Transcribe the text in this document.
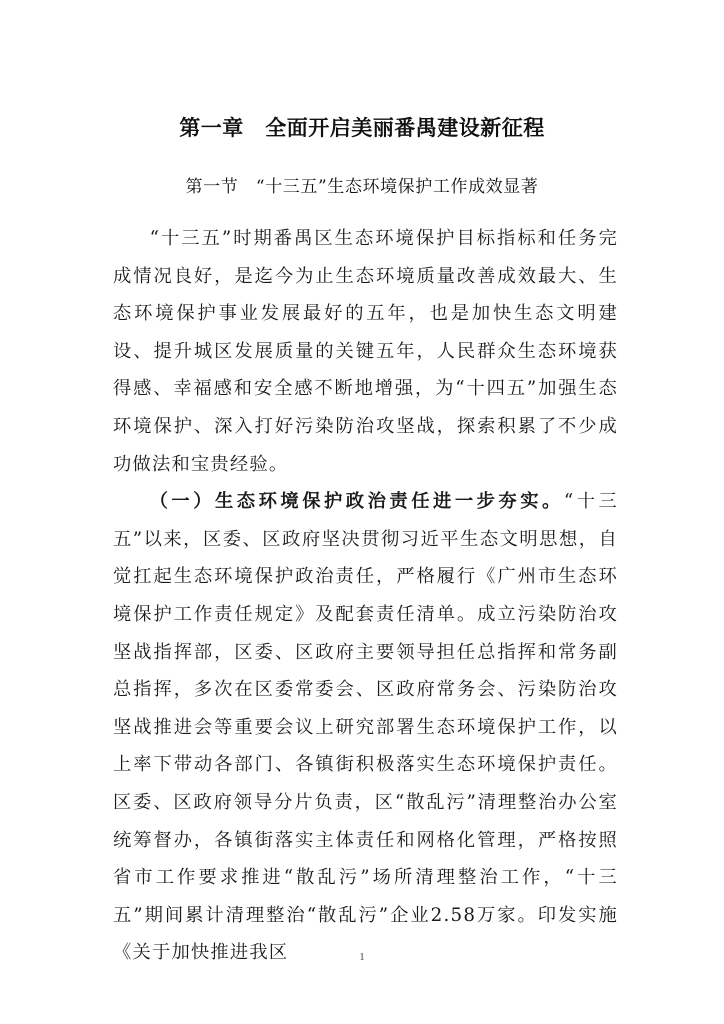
第一章　全面开启美丽番禺建设新征程
第一节　“十三五”生态环境保护工作成效显著

“十三五”时期番禺区生态环境保护目标指标和任务完成情况良好，是迄今为止生态环境质量改善成效最大、生态环境保护事业发展最好的五年，也是加快生态文明建设、提升城区发展质量的关键五年，人民群众生态环境获得感、幸福感和安全感不断地增强，为“十四五”加强生态环境保护、深入打好污染防治攻坚战，探索积累了不少成功做法和宝贵经验。

（一）生态环境保护政治责任进一步夯实。“十三五”以来，区委、区政府坚决贯彻习近平生态文明思想，自觉扛起生态环境保护政治责任，严格履行《广州市生态环境保护工作责任规定》及配套责任清单。成立污染防治攻坚战指挥部，区委、区政府主要领导担任总指挥和常务副总指挥，多次在区委常委会、区政府常务会、污染防治攻坚战推进会等重要会议上研究部署生态环境保护工作，以上率下带动各部门、各镇街积极落实生态环境保护责任。区委、区政府领导分片负责，区“散乱污”清理整治办公室统筹督办，各镇街落实主体责任和网格化管理，严格按照省市工作要求推进“散乱污”场所清理整治工作，“十三五”期间累计清理整治“散乱污”企业2.58万家。印发实施《关于加快推进我区	1
